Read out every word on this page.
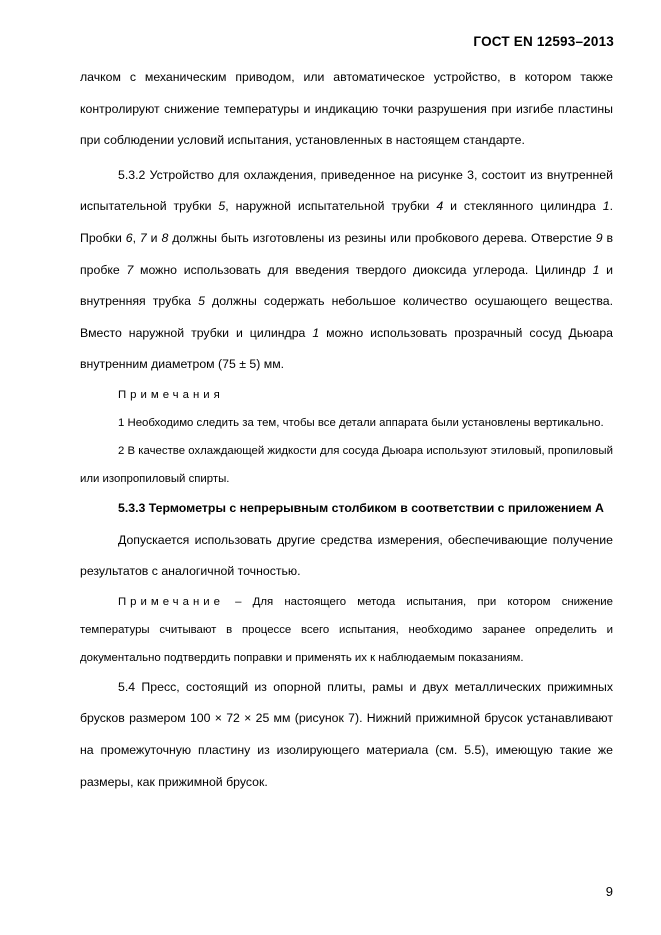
ГОСТ EN 12593–2013

лачком с механическим приводом, или автоматическое устройство, в котором также контролируют снижение температуры и индикацию точки разрушения при изгибе пластины при соблюдении условий испытания, установленных в настоящем стандарте.

5.3.2 Устройство для охлаждения, приведенное на рисунке 3, состоит из внутренней испытательной трубки 5, наружной испытательной трубки 4 и стеклянного цилиндра 1. Пробки 6, 7 и 8 должны быть изготовлены из резины или пробкового дерева. Отверстие 9 в пробке 7 можно использовать для введения твердого диоксида углерода. Цилиндр 1 и внутренняя трубка 5 должны содержать небольшое количество осушающего вещества. Вместо наружной трубки и цилиндра 1 можно использовать прозрачный сосуд Дьюара внутренним диаметром (75 ± 5) мм.

Примечания

1 Необходимо следить за тем, чтобы все детали аппарата были установлены вертикально.

2 В качестве охлаждающей жидкости для сосуда Дьюара используют этиловый, пропиловый или изопропиловый спирты.

5.3.3 Термометры с непрерывным столбиком в соответствии с приложением А

Допускается использовать другие средства измерения, обеспечивающие получение результатов с аналогичной точностью.

Примечание – Для настоящего метода испытания, при котором снижение температуры считывают в процессе всего испытания, необходимо заранее определить и документально подтвердить поправки и применять их к наблюдаемым показаниям.

5.4 Пресс, состоящий из опорной плиты, рамы и двух металлических прижимных брусков размером 100 × 72 × 25 мм (рисунок 7). Нижний прижимной брусок устанавливают на промежуточную пластину из изолирующего материала (см. 5.5), имеющую такие же размеры, как прижимной брусок.

9
